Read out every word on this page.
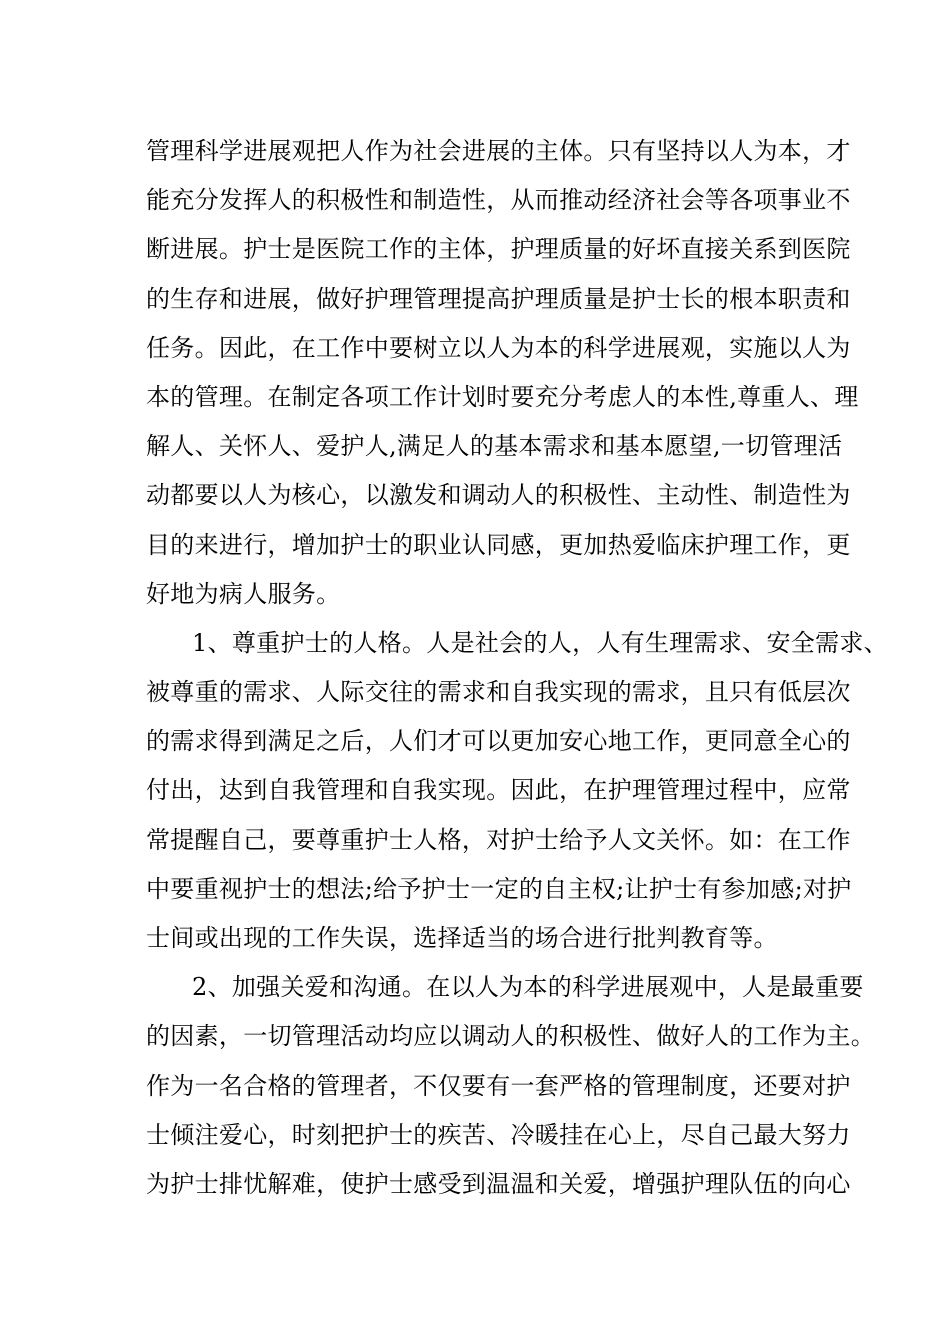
管理科学进展观把人作为社会进展的主体。只有坚持以人为本，才
能充分发挥人的积极性和制造性，从而推动经济社会等各项事业不
断进展。护士是医院工作的主体，护理质量的好坏直接关系到医院
的生存和进展，做好护理管理提高护理质量是护士长的根本职责和
任务。因此，在工作中要树立以人为本的科学进展观，实施以人为
本的管理。在制定各项工作计划时要充分考虑人的本性,尊重人、理
解人、关怀人、爱护人,满足人的基本需求和基本愿望,一切管理活
动都要以人为核心，以激发和调动人的积极性、主动性、制造性为
目的来进行，增加护士的职业认同感，更加热爱临床护理工作，更
好地为病人服务。
1、尊重护士的人格。人是社会的人，人有生理需求、安全需求、
被尊重的需求、人际交往的需求和自我实现的需求，且只有低层次
的需求得到满足之后，人们才可以更加安心地工作，更同意全心的
付出，达到自我管理和自我实现。因此，在护理管理过程中，应常
常提醒自己，要尊重护士人格，对护士给予人文关怀。如：在工作
中要重视护士的想法;给予护士一定的自主权;让护士有参加感;对护
士间或出现的工作失误，选择适当的场合进行批判教育等。
2、加强关爱和沟通。在以人为本的科学进展观中，人是最重要
的因素，一切管理活动均应以调动人的积极性、做好人的工作为主。
作为一名合格的管理者，不仅要有一套严格的管理制度，还要对护
士倾注爱心，时刻把护士的疾苦、冷暖挂在心上，尽自己最大努力
为护士排忧解难，使护士感受到温温和关爱，增强护理队伍的向心
